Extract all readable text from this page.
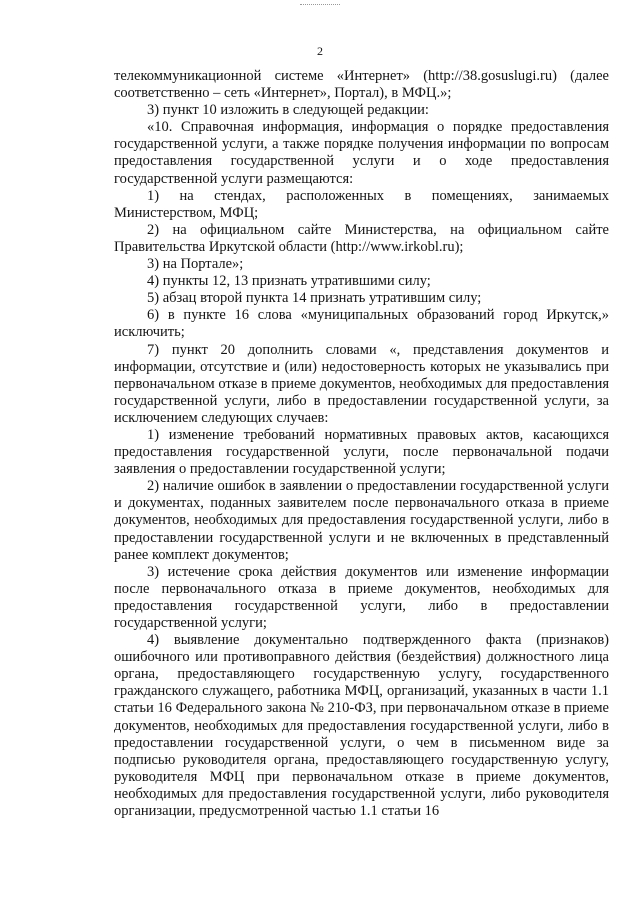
2

телекоммуникационной системе «Интернет» (http://38.gosuslugi.ru) (далее соответственно – сеть «Интернет», Портал), в МФЦ.»;

3) пункт 10 изложить в следующей редакции:

«10. Справочная информация, информация о порядке предоставления государственной услуги, а также порядке получения информации по вопросам предоставления государственной услуги и о ходе предоставления государственной услуги размещаются:

1) на стендах, расположенных в помещениях, занимаемых Министерством, МФЦ;

2) на официальном сайте Министерства, на официальном сайте Правительства Иркутской области (http://www.irkobl.ru);

3) на Портале»;

4) пункты 12, 13 признать утратившими силу;

5) абзац второй пункта 14 признать утратившим силу;

6) в пункте 16 слова «муниципальных образований город Иркутск,» исключить;

7) пункт 20 дополнить словами «, представления документов и информации, отсутствие и (или) недостоверность которых не указывались при первоначальном отказе в приеме документов, необходимых для предоставления государственной услуги, либо в предоставлении государственной услуги, за исключением следующих случаев:

1) изменение требований нормативных правовых актов, касающихся предоставления государственной услуги, после первоначальной подачи заявления о предоставлении государственной услуги;

2) наличие ошибок в заявлении о предоставлении государственной услуги и документах, поданных заявителем после первоначального отказа в приеме документов, необходимых для предоставления государственной услуги, либо в предоставлении государственной услуги и не включенных в представленный ранее комплект документов;

3) истечение срока действия документов или изменение информации после первоначального отказа в приеме документов, необходимых для предоставления государственной услуги, либо в предоставлении государственной услуги;

4) выявление документально подтвержденного факта (признаков) ошибочного или противоправного действия (бездействия) должностного лица органа, предоставляющего государственную услугу, государственного гражданского служащего, работника МФЦ, организаций, указанных в части 1.1 статьи 16 Федерального закона № 210-ФЗ, при первоначальном отказе в приеме документов, необходимых для предоставления государственной услуги, либо в предоставлении государственной услуги, о чем в письменном виде за подписью руководителя органа, предоставляющего государственную услугу, руководителя МФЦ при первоначальном отказе в приеме документов, необходимых для предоставления государственной услуги, либо руководителя организации, предусмотренной частью 1.1 статьи 16
